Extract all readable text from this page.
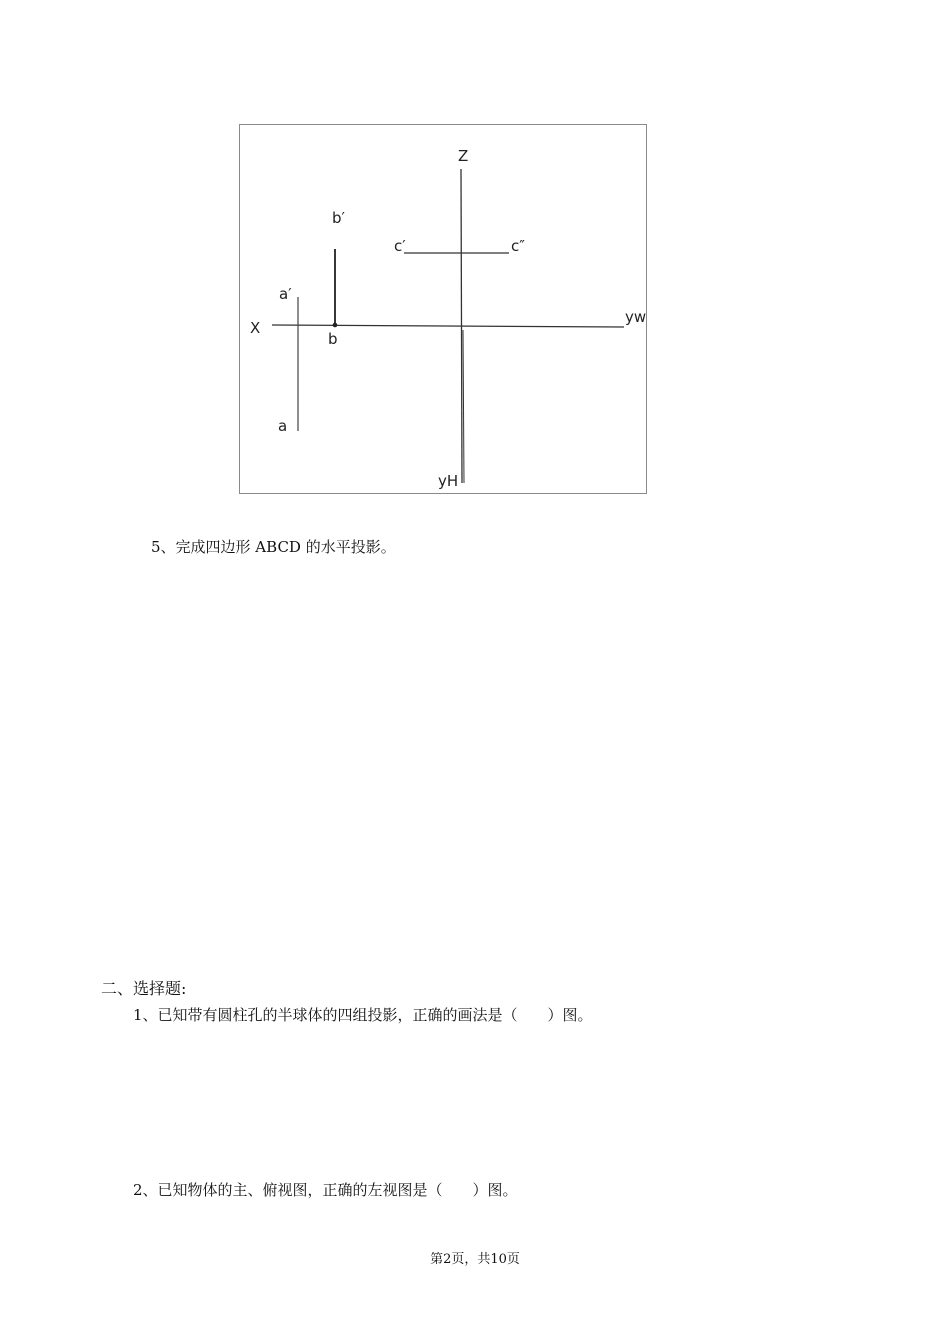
Z
b′
c′	c″
a′
X
b
yw
a
yH
5、完成四边形 ABCD 的水平投影。
二、选择题:
1、已知带有圆柱孔的半球体的四组投影，正确的画法是（　　）图。
2、已知物体的主、俯视图，正确的左视图是（　　）图。
第2页，共10页
